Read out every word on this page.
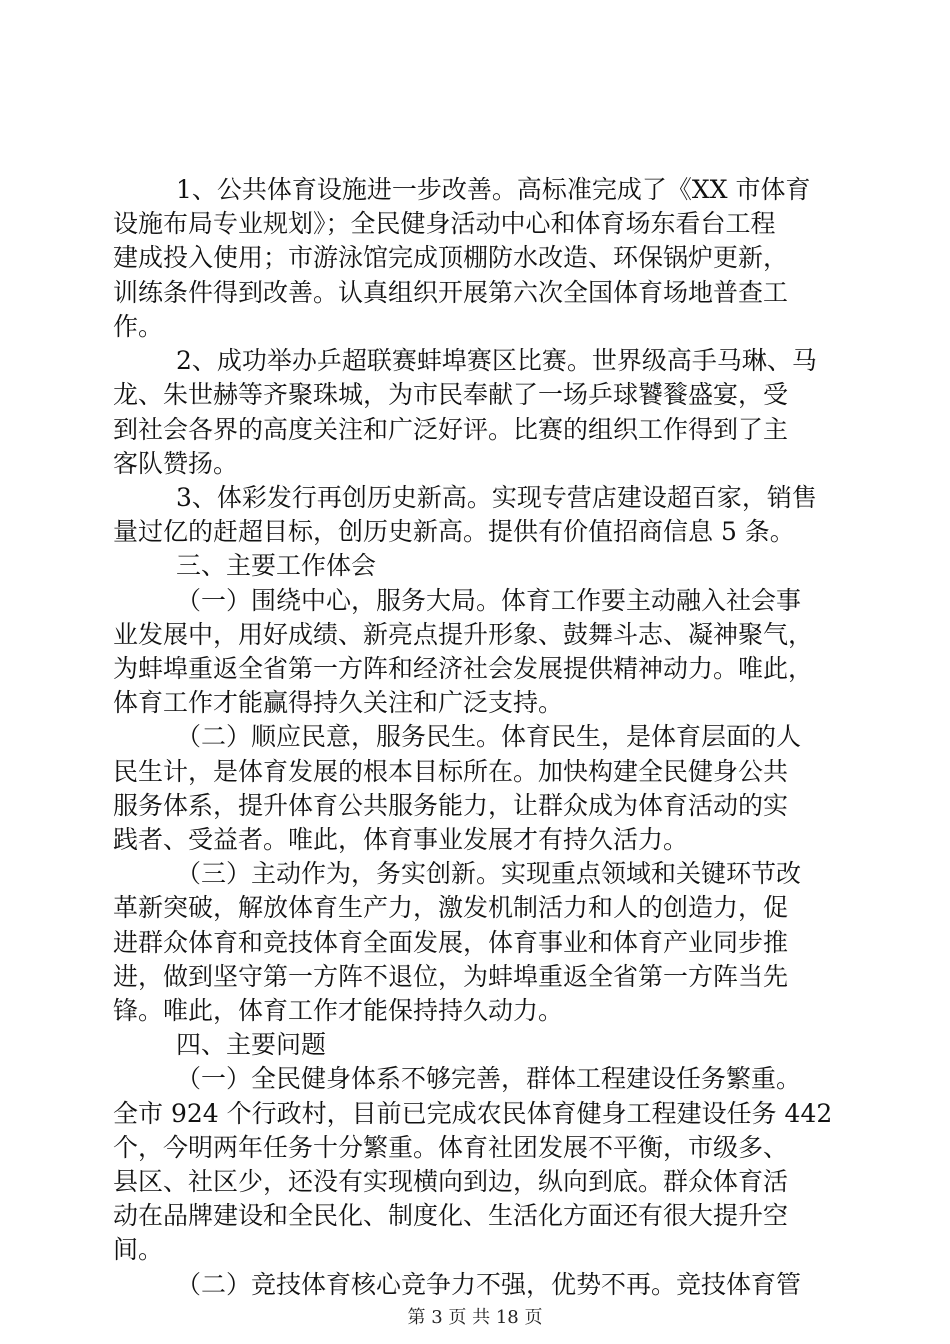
1、公共体育设施进一步改善。高标准完成了《XX 市体育
设施布局专业规划》；全民健身活动中心和体育场东看台工程
建成投入使用；市游泳馆完成顶棚防水改造、环保锅炉更新，
训练条件得到改善。认真组织开展第六次全国体育场地普查工
作。
2、成功举办乒超联赛蚌埠赛区比赛。世界级高手马琳、马
龙、朱世赫等齐聚珠城，为市民奉献了一场乒球饕餮盛宴，受
到社会各界的高度关注和广泛好评。比赛的组织工作得到了主
客队赞扬。
3、体彩发行再创历史新高。实现专营店建设超百家，销售
量过亿的赶超目标，创历史新高。提供有价值招商信息 5 条。
三、主要工作体会
（一）围绕中心，服务大局。体育工作要主动融入社会事
业发展中，用好成绩、新亮点提升形象、鼓舞斗志、凝神聚气，
为蚌埠重返全省第一方阵和经济社会发展提供精神动力。唯此，
体育工作才能赢得持久关注和广泛支持。
（二）顺应民意，服务民生。体育民生，是体育层面的人
民生计，是体育发展的根本目标所在。加快构建全民健身公共
服务体系，提升体育公共服务能力，让群众成为体育活动的实
践者、受益者。唯此，体育事业发展才有持久活力。
（三）主动作为，务实创新。实现重点领域和关键环节改
革新突破，解放体育生产力，激发机制活力和人的创造力，促
进群众体育和竞技体育全面发展，体育事业和体育产业同步推
进，做到坚守第一方阵不退位，为蚌埠重返全省第一方阵当先
锋。唯此，体育工作才能保持持久动力。
四、主要问题
（一）全民健身体系不够完善，群体工程建设任务繁重。
全市 924 个行政村，目前已完成农民体育健身工程建设任务 442
个，今明两年任务十分繁重。体育社团发展不平衡，市级多、
县区、社区少，还没有实现横向到边，纵向到底。群众体育活
动在品牌建设和全民化、制度化、生活化方面还有很大提升空
间。
（二）竞技体育核心竞争力不强，优势不再。竞技体育管
第 3 页 共 18 页
